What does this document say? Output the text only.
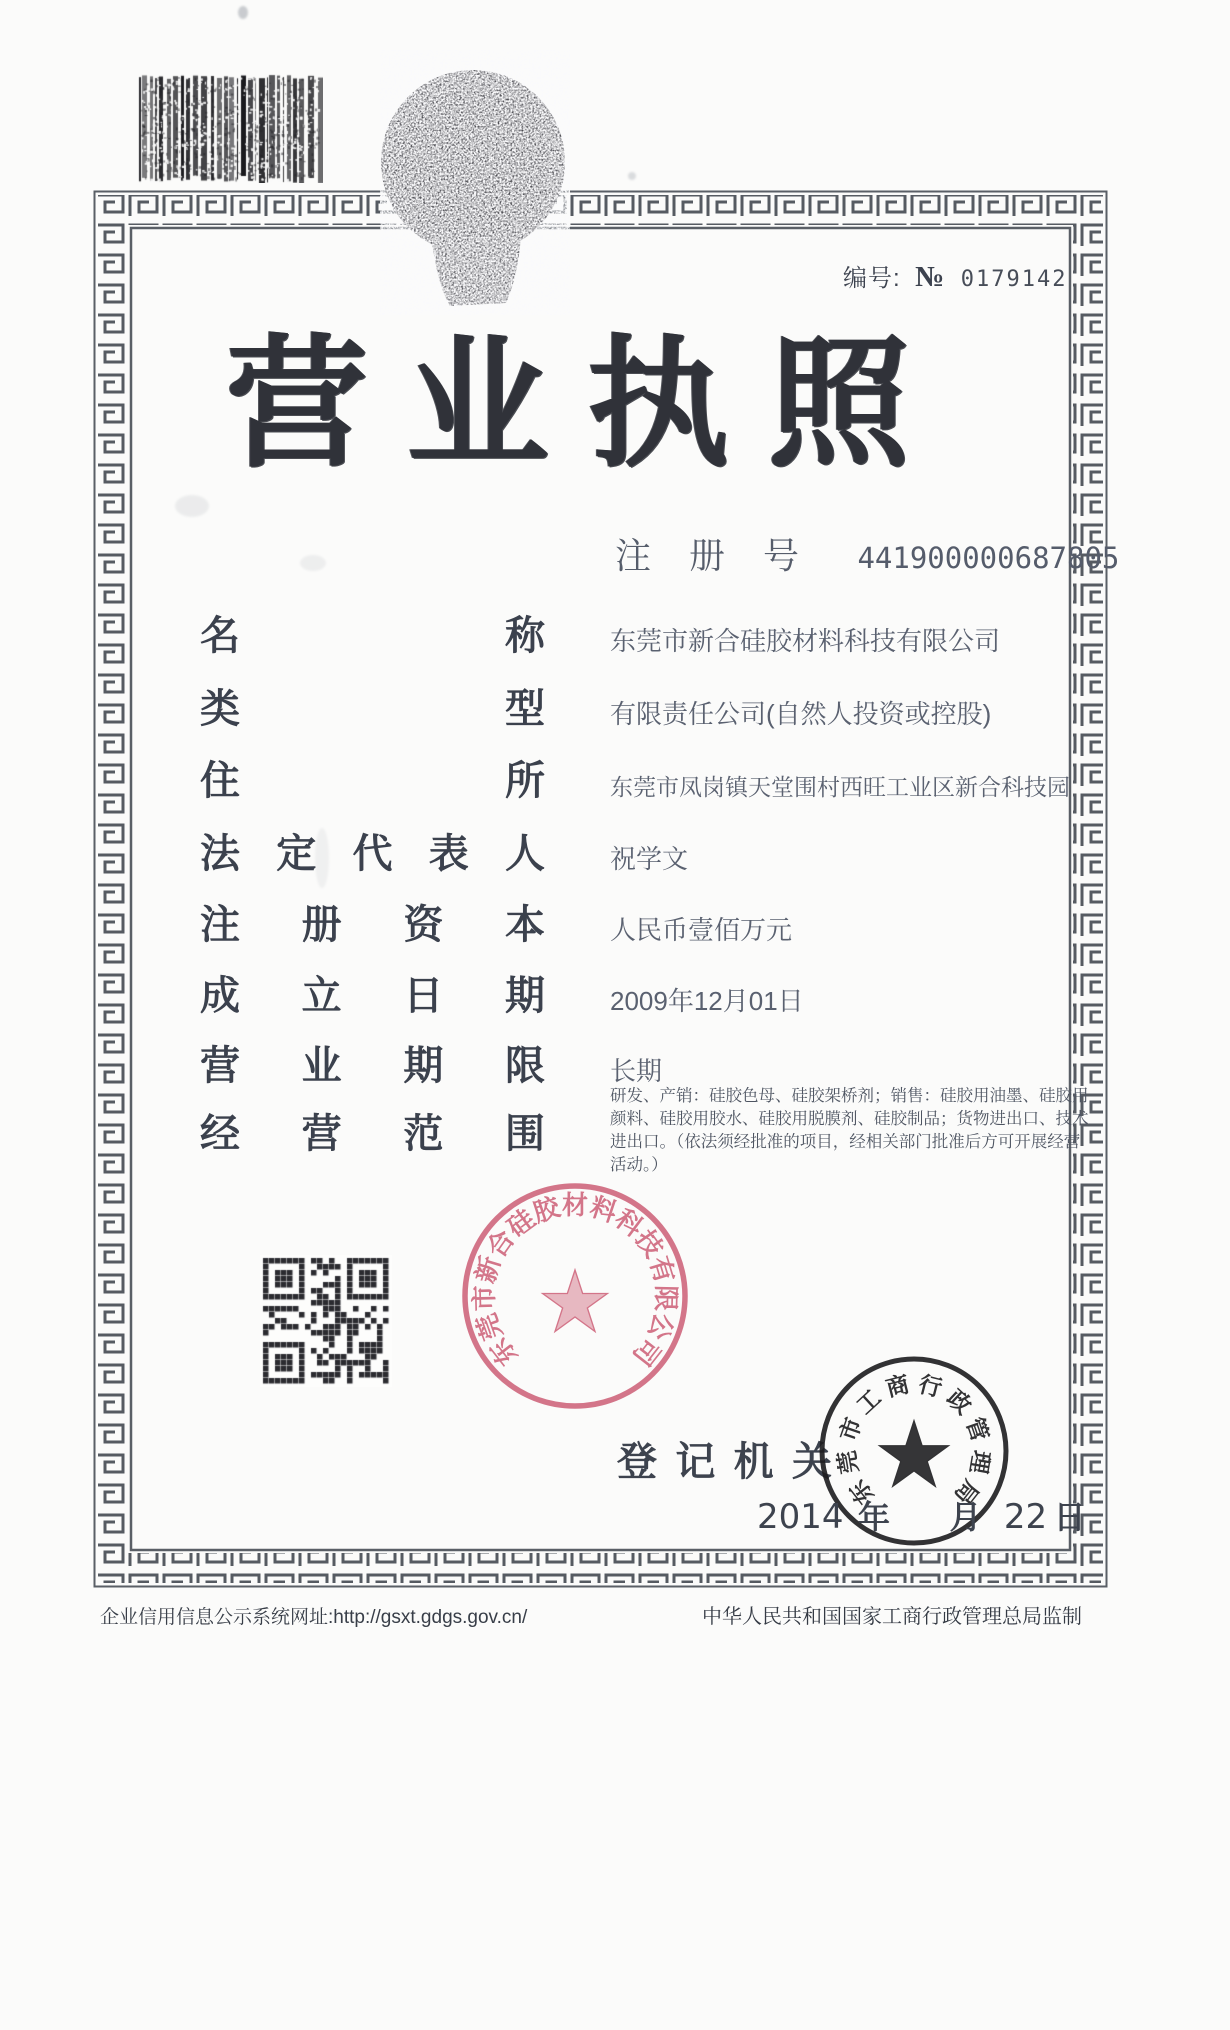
编号: № 0179142
营 业 执 照
注 册 号 441900000687805
名称	东莞市新合硅胶材料科技有限公司
类型	有限责任公司(自然人投资或控股)
住所	东莞市凤岗镇天堂围村西旺工业区新合科技园
法定代表人	祝学文
注册资本	人民币壹佰万元
成立日期	2009年12月01日
营业期限	长期
经营范围
研发、产销：硅胶色母、硅胶架桥剂；销售：硅胶用油墨、硅胶用颜料、硅胶用胶水、硅胶用脱膜剂、硅胶制品；货物进出口、技术进出口。（依法须经批准的项目，经相关部门批准后方可开展经营活动。）
东
莞
市
新
合
硅
胶
材
料
科
技
有
限
公
司
登 记 机 关
东
莞
市
工
商 行
政
管
理
局
2014 年 月 22 日
企业信用信息公示系统网址:http://gsxt.gdgs.gov.cn/	中华人民共和国国家工商行政管理总局监制
